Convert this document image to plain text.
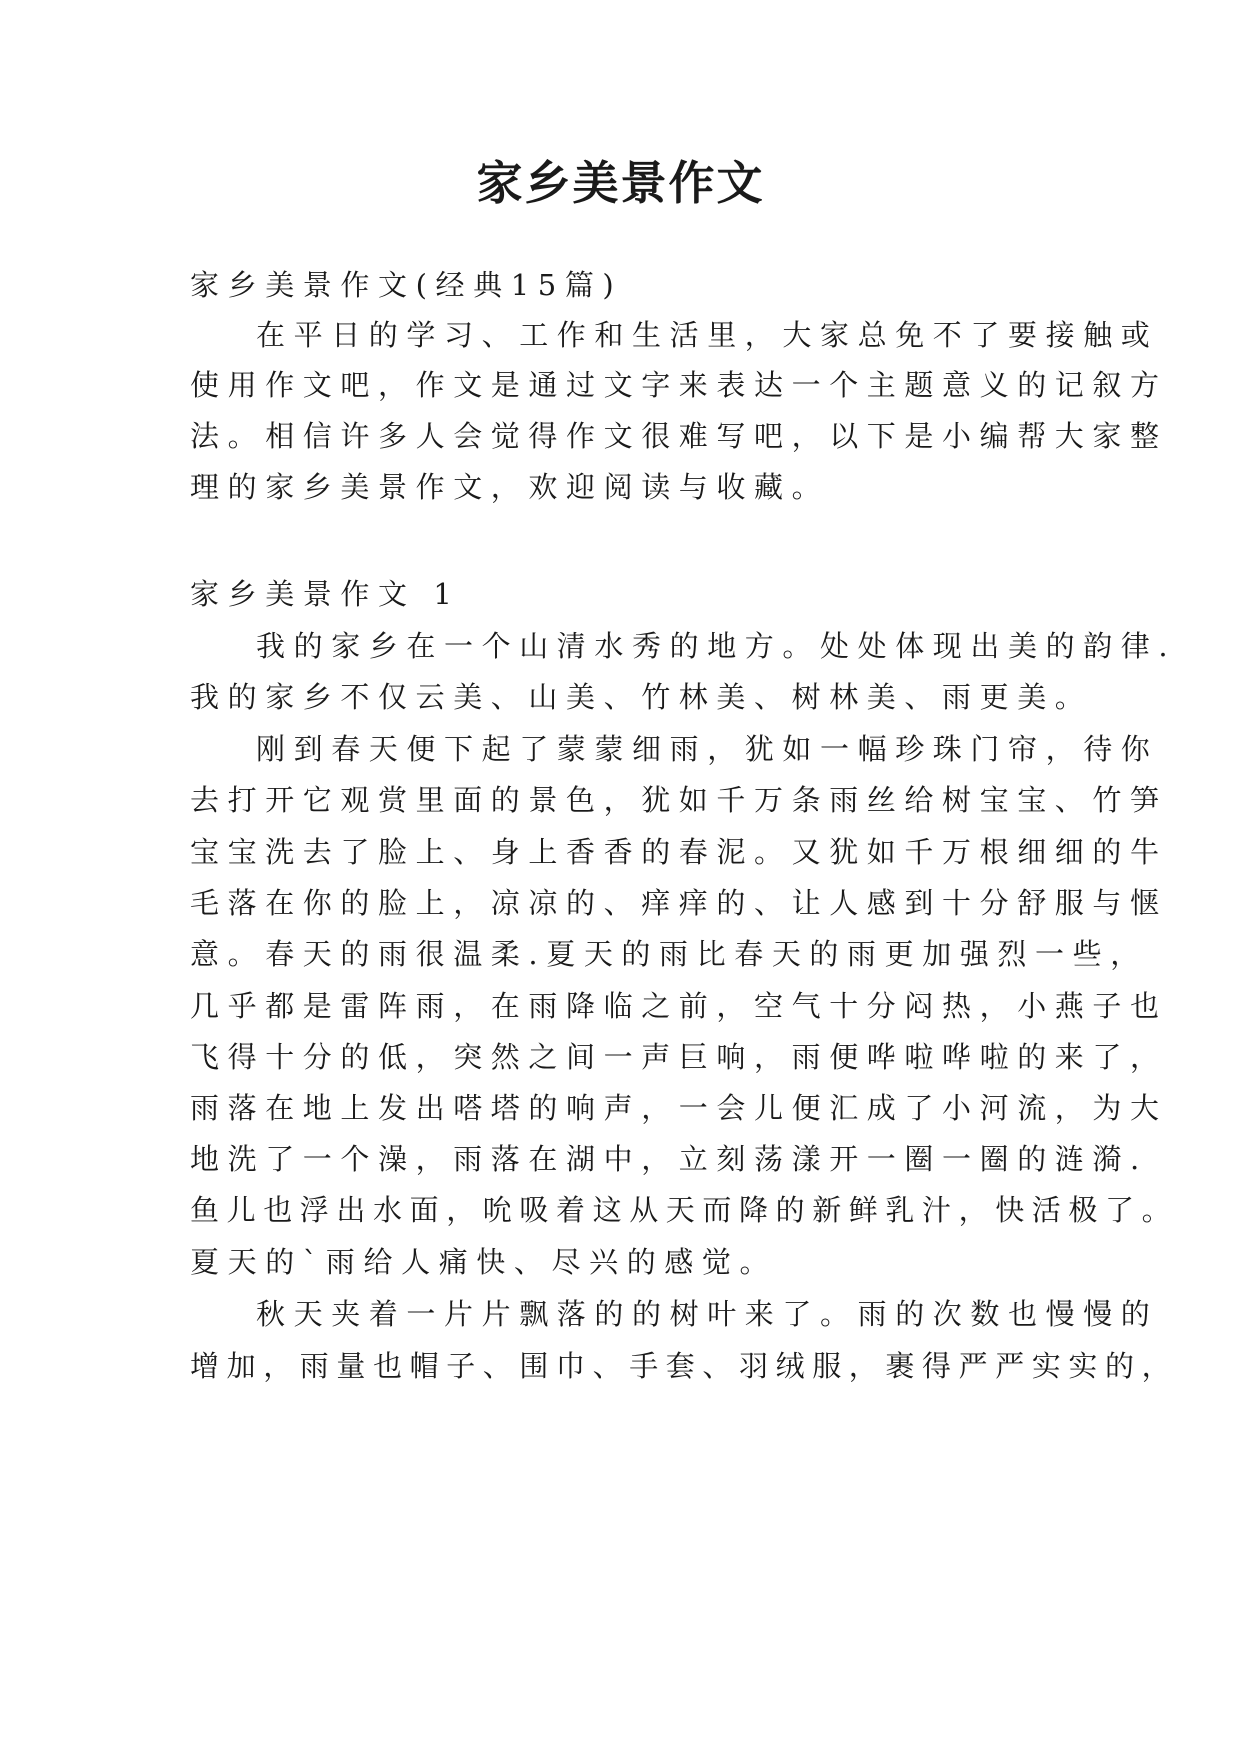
家乡美景作文
家乡美景作文(经典15篇)
在平日的学习、工作和生活里，大家总免不了要接触或
使用作文吧，作文是通过文字来表达一个主题意义的记叙方
法。相信许多人会觉得作文很难写吧，以下是小编帮大家整
理的家乡美景作文，欢迎阅读与收藏。
家乡美景作文 1
我的家乡在一个山清水秀的地方。处处体现出美的韵律.
我的家乡不仅云美、山美、竹林美、树林美、雨更美。
刚到春天便下起了蒙蒙细雨，犹如一幅珍珠门帘，待你
去打开它观赏里面的景色，犹如千万条雨丝给树宝宝、竹笋
宝宝洗去了脸上、身上香香的春泥。又犹如千万根细细的牛
毛落在你的脸上，凉凉的、痒痒的、让人感到十分舒服与惬
意。春天的雨很温柔.夏天的雨比春天的雨更加强烈一些，
几乎都是雷阵雨，在雨降临之前，空气十分闷热，小燕子也
飞得十分的低，突然之间一声巨响，雨便哗啦哗啦的来了，
雨落在地上发出嗒塔的响声，一会儿便汇成了小河流，为大
地洗了一个澡，雨落在湖中，立刻荡漾开一圈一圈的涟漪.
鱼儿也浮出水面，吮吸着这从天而降的新鲜乳汁，快活极了。
夏天的`雨给人痛快、尽兴的感觉。
秋天夹着一片片飘落的的树叶来了。雨的次数也慢慢的
增加，雨量也帽子、围巾、手套、羽绒服，裹得严严实实的，
